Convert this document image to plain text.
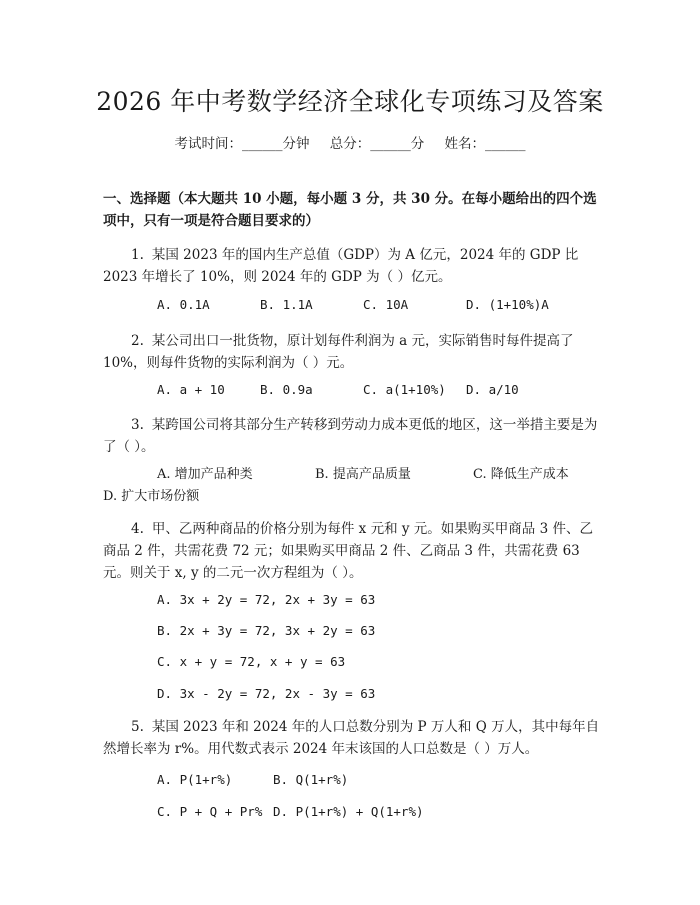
2026 年中考数学经济全球化专项练习及答案
考试时间：______分钟 总分：______分 姓名：______
一、选择题（本大题共 10 小题，每小题 3 分，共 30 分。在每小题给出的四个选项中，只有一项是符合题目要求的）
1. 某国 2023 年的国内生产总值（GDP）为 A 亿元，2024 年的 GDP 比 2023 年增长了 10%，则 2024 年的 GDP 为（ ）亿元。
A. 0.1A	B. 1.1A	C. 10A	D. (1+10%)A
2. 某公司出口一批货物，原计划每件利润为 a 元，实际销售时每件提高了 10%，则每件货物的实际利润为（ ）元。
A. a + 10	B. 0.9a	C. a(1+10%) D. a/10
3. 某跨国公司将其部分生产转移到劳动力成本更低的地区，这一举措主要是为了（ ）。
A. 增加产品种类	B. 提高产品质量	C. 降低生产成本
D. 扩大市场份额
4. 甲、乙两种商品的价格分别为每件 x 元和 y 元。如果购买甲商品 3 件、乙商品 2 件，共需花费 72 元；如果购买甲商品 2 件、乙商品 3 件，共需花费 63 元。则关于 x, y 的二元一次方程组为（ ）。
A. 3x + 2y = 72, 2x + 3y = 63
B. 2x + 3y = 72, 3x + 2y = 63
C. x + y = 72, x + y = 63
D. 3x - 2y = 72, 2x - 3y = 63
5. 某国 2023 年和 2024 年的人口总数分别为 P 万人和 Q 万人，其中每年自然增长率为 r%。用代数式表示 2024 年末该国的人口总数是（ ）万人。
A. P(1+r%)	B. Q(1+r%)
C. P + Q + Pr% D. P(1+r%) + Q(1+r%)
